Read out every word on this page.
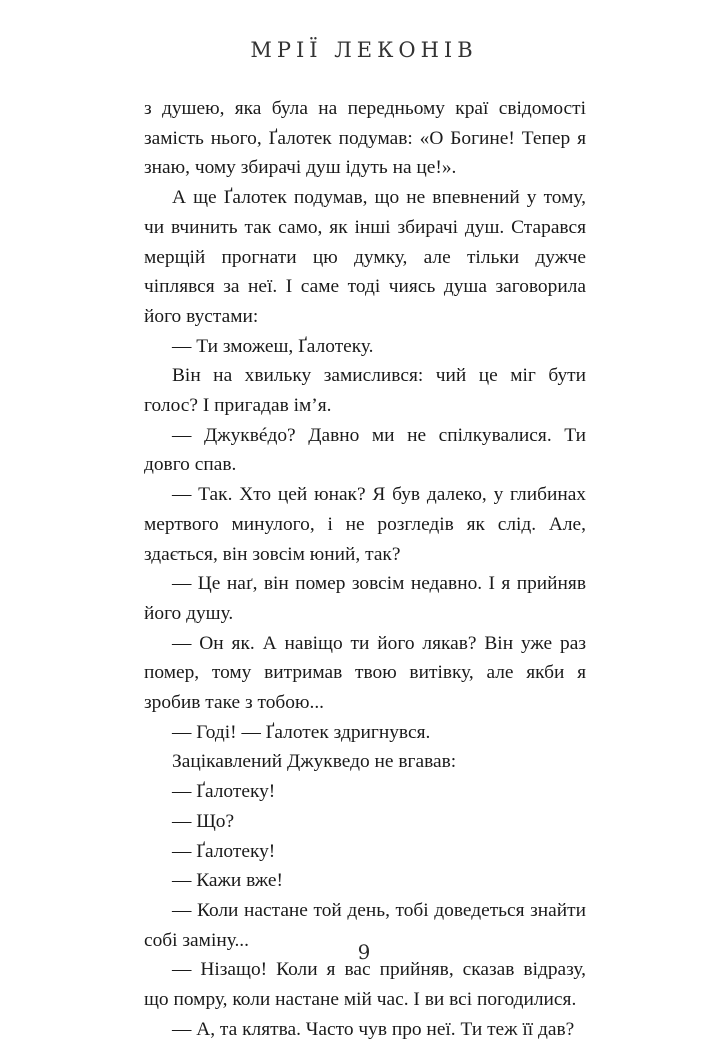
МРІЇ ЛЕКОНІВ

з душею, яка була на передньому краї свідомості замість нього, Ґалотек подумав: «О Богине! Тепер я знаю, чому збирачі душ ідуть на це!».

А ще Ґалотек подумав, що не впевнений у тому, чи вчинить так само, як інші збирачі душ. Старався мерщій прогнати цю думку, але тільки дужче чіплявся за неї. І саме тоді чиясь душа заговорила його вустами:

— Ти зможеш, Ґалотеку.

Він на хвильку замислився: чий це міг бути голос? І пригадав ім’я.

— Джуквéдо? Давно ми не спілкувалися. Ти довго спав.

— Так. Хто цей юнак? Я був далеко, у глибинах мертвого минулого, і не розгледів як слід. Але, здається, він зовсім юний, так?

— Це наґ, він помер зовсім недавно. І я прийняв його душу.

— Он як. А навіщо ти його лякав? Він уже раз помер, тому витримав твою витівку, але якби я зробив таке з тобою...

— Годі! — Ґалотек здригнувся.

Зацікавлений Джукведо не вгавав:

— Ґалотеку!

— Що?

— Ґалотеку!

— Кажи вже!

— Коли настане той день, тобі доведеться знайти собі заміну...

— Нізащо! Коли я вас прийняв, сказав відразу, що помру, коли настане мій час. І ви всі погодилися.

— А, та клятва. Часто чув про неї. Ти теж її дав?

9
